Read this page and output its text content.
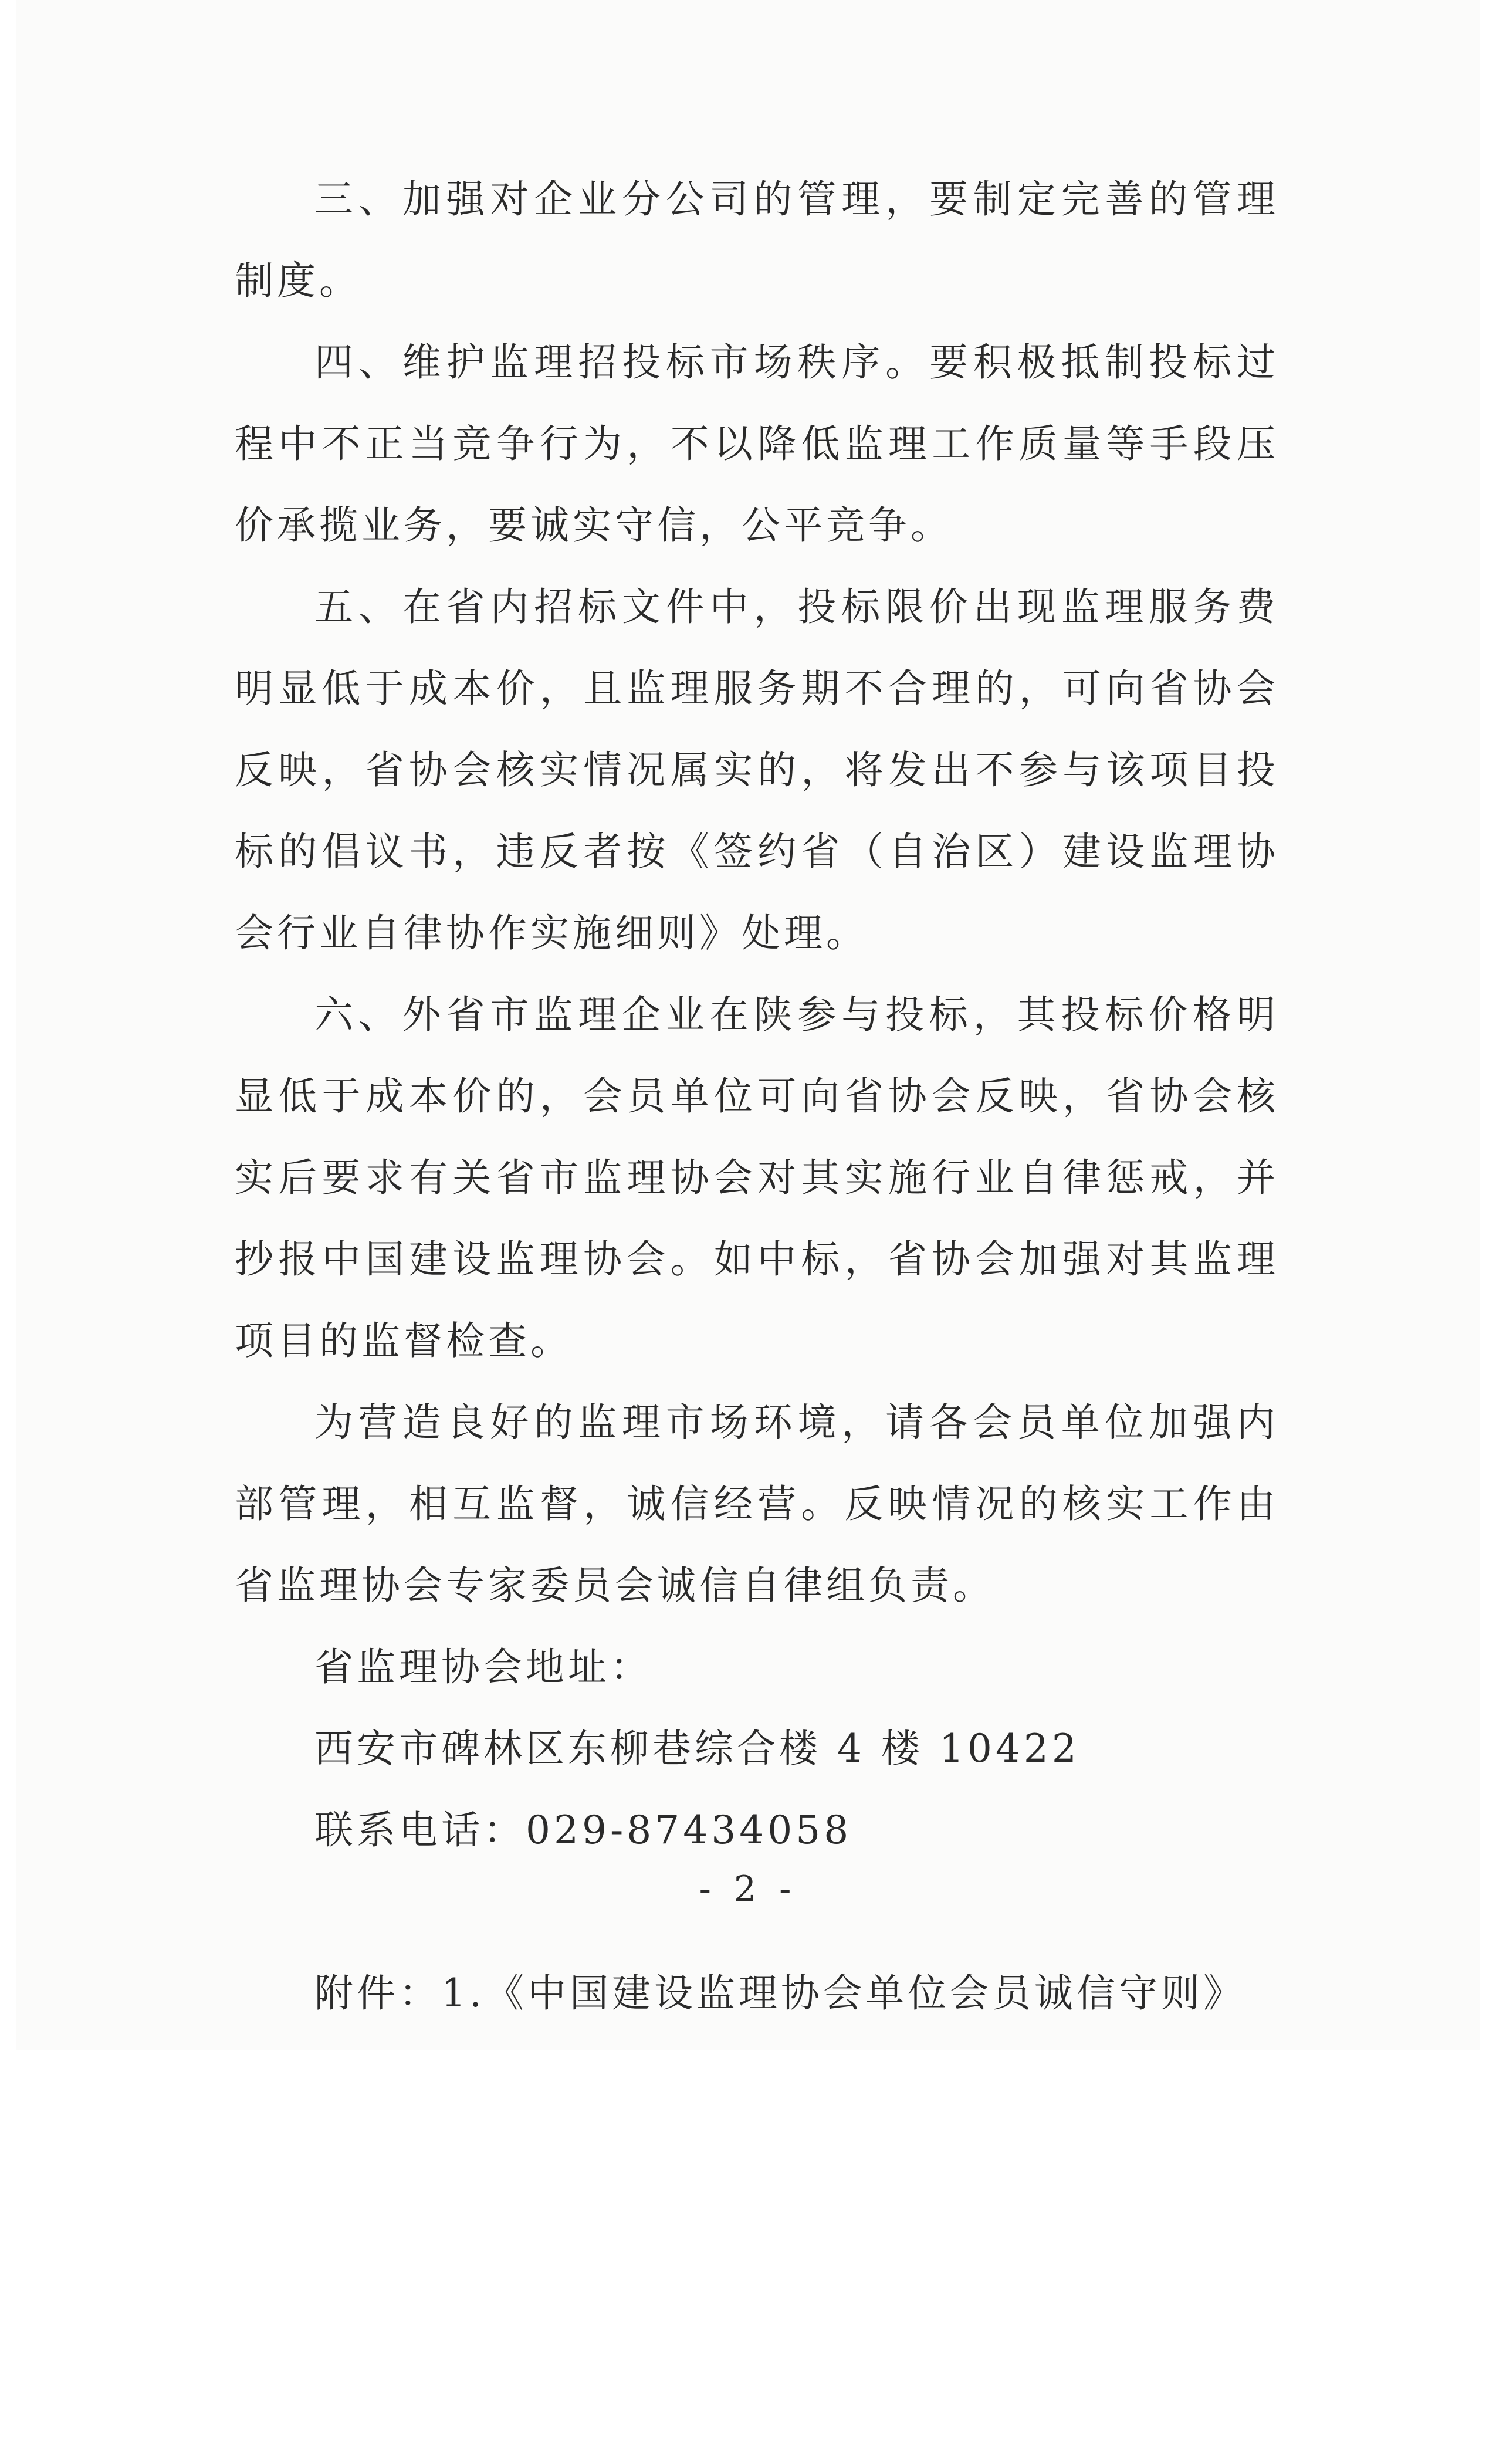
三、加强对企业分公司的管理，要制定完善的管理制度。

四、维护监理招投标市场秩序。要积极抵制投标过程中不正当竞争行为，不以降低监理工作质量等手段压价承揽业务，要诚实守信，公平竞争。

五、在省内招标文件中，投标限价出现监理服务费明显低于成本价，且监理服务期不合理的，可向省协会反映，省协会核实情况属实的，将发出不参与该项目投标的倡议书，违反者按《签约省（自治区）建设监理协会行业自律协作实施细则》处理。

六、外省市监理企业在陕参与投标，其投标价格明显低于成本价的，会员单位可向省协会反映，省协会核实后要求有关省市监理协会对其实施行业自律惩戒，并抄报中国建设监理协会。如中标，省协会加强对其监理项目的监督检查。

为营造良好的监理市场环境，请各会员单位加强内部管理，相互监督，诚信经营。反映情况的核实工作由省监理协会专家委员会诚信自律组负责。

省监理协会地址：

西安市碑林区东柳巷综合楼 4 楼 10422

联系电话：029-87434058

附件：1.《中国建设监理协会单位会员诚信守则》

- 2 -
